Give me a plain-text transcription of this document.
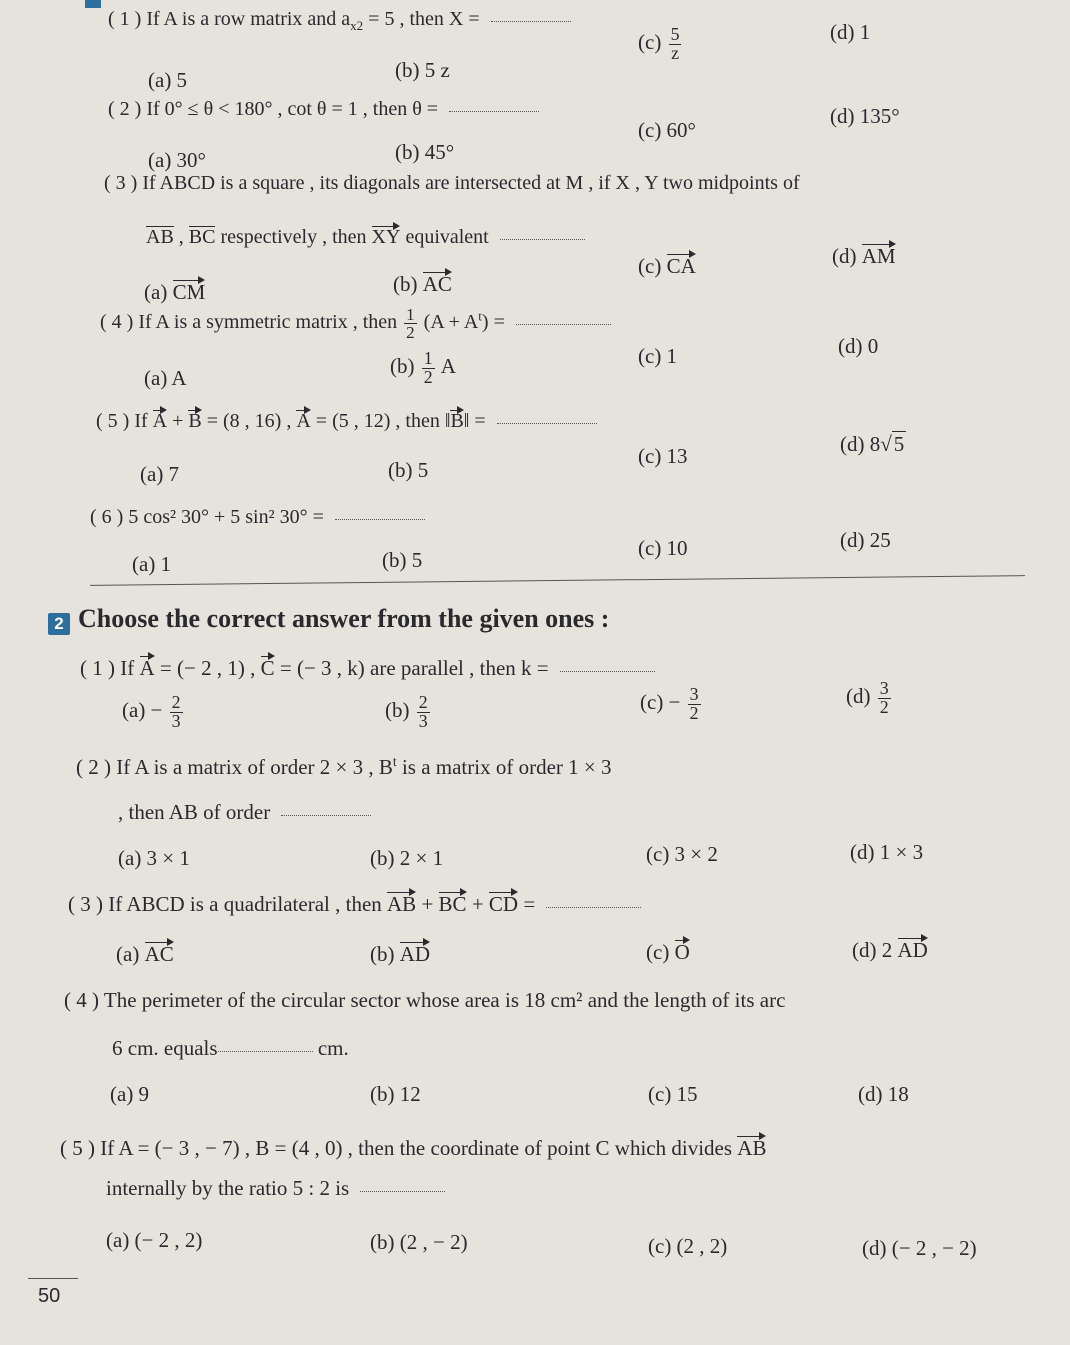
( 1 ) If A is a row matrix and $a_{x2} = 5$ , then X =
(a) 5	(b) 5 z
$(c) \frac{5}{z}$	(d) 1
( 2 ) If 0° ≤ θ < 180° , cot θ = 1 , then θ =
(a) 30°	(b) 45°
(c) 60°
(d) 135°
( 3 ) If ABCD is a square , its diagonals are intersected at M , if X , Y two midpoints of
AB , BC respectively , then XY equivalent
(a) CM	(b) AC
(c) CA	(d) AM
( 4 ) If A is a symmetric matrix , then $\frac{1}{2} (A + A^t)$ =
(a) A	$(b) \frac{1}{2}$ A	(c) 1	(d) 0
( 5 ) If A + B = (8 , 16) , A = (5 , 12) , then ‖B‖ =
(a) 7	(b) 5
(c) 13	(d) 8√5
( 6 ) 5 cos² 30° + 5 sin² 30° =
(a) 1	(b) 5	(c) 10	(d) 25
2 Choose the correct answer from the given ones :
( 1 ) If A = (− 2 , 1) , C = (− 3 , k) are parallel , then k =
$(a) - \frac{2}{3}$	$(b) \frac{2}{3}$	$(c) - \frac{3}{2}$	$(d) \frac{3}{2}$
( 2 ) If A is a matrix of order 2 × 3 , $B^t$ is a matrix of order 1 × 3
, then AB of order
(a) 3 × 1	(b) 2 × 1	(c) 3 × 2	(d) 1 × 3
( 3 ) If ABCD is a quadrilateral , then AB + BC + CD =
(a) AC	(b) AD	(c) O	(d) 2 AD
( 4 ) The perimeter of the circular sector whose area is 18 cm² and the length of its arc
6 cm. equals	cm.
(a) 9	(b) 12	(c) 15	(d) 18
( 5 ) If A = (− 3 , − 7) , B = (4 , 0) , then the coordinate of point C which divides AB
internally by the ratio 5 : 2 is
(a) (− 2 , 2)	(b) (2 , − 2)	(c) (2 , 2)	(d) (− 2 , − 2)
50
